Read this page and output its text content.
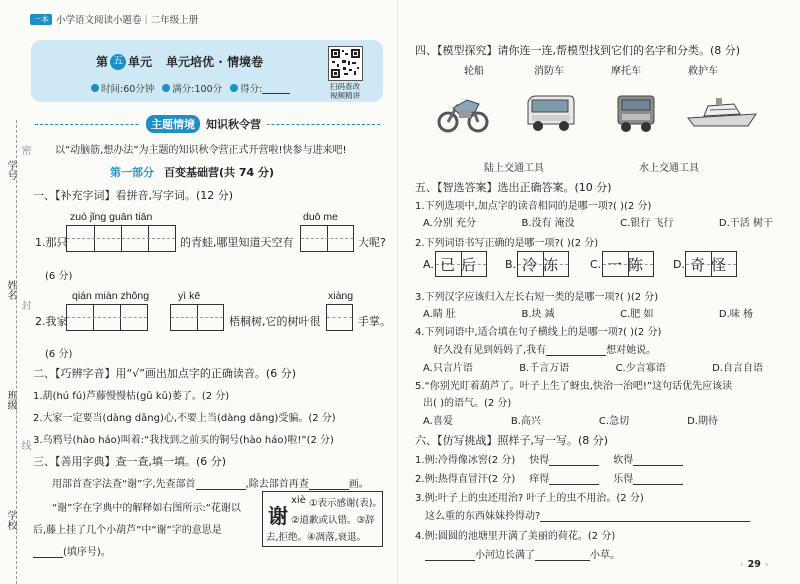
学号
密
姓名
封
班级
线
学校
一本 小学语文阅读小题卷 | 二年级上册
第 五 单元 单元培优 · 情境卷
时间:60分钟 满分:100分 得分:	扫码查改
视频精讲
主题情境	知识秋令营
以“动脑筋,想办法”为主题的知识秋令营正式开营啦!快参与进来吧!
第一部分 百变基础营(共 74 分)
一、【补充字词】看拼音,写字词。(12 分)
zuò jǐng guān tiān	duō me
1.那只	的青蛙,哪里知道天空有	大呢?
(6 分)
qián miàn zhǒng	yì kē	xiàng
2.我家	梧桐树,它的树叶很	手掌。
(6 分)
二、【巧辨字音】用“√”画出加点字的正确读音。(6 分)
1.葫(hú fú)芦藤慢慢枯(gū kū)萎了。(2 分)
2.大家一定要当(dàng dāng)心,不要上当(dàng dāng)受骗。(2 分)
3.乌鸦号(hào háo)叫着:“我找到之前买的铜号(hào háo)啦!”(2 分)
三、【善用字典】查一查,填一填。(6 分)
用部首查字法查“谢”字,先查部首	,除去部首再查	画。
“谢”字在字典中的解释如右图所示:“花谢以
后,藤上挂了几个小葫芦”中“谢”字的意思是
(填序号)。
谢
xiè ①表示感谢(表)。
②道歉或认错。③辞
去,拒绝。④凋落,衰退。
四、【模型探究】请你连一连,帮模型找到它们的名字和分类。(8 分)
轮船	消防车	摩托车	救护车
陆上交通工具	水上交通工具
五、【智选答案】选出正确答案。(10 分)
1.下列选项中,加点字的读音相同的是哪一项?( )(2 分)
A.分别 充分	B.没有 淹没	C.银行 飞行	D.干活 树干
2.下列词语书写正确的是哪一项?( )(2 分)
A. 已后 B. 冷冻 C. 一陈 D. 奇怪
3.下列汉字应该归入左长右短一类的是哪一项?( )(2 分)
A.睛 肚	B.块 减	C.肥 如	D.味 杨
4.下列词语中,适合填在句子横线上的是哪一项?( )(2 分)
好久没有见到妈妈了,我有	想对她说。
A.只言片语	B.千言万语	C.少言寡语	D.自言自语
5.“你别光盯着葫芦了。叶子上生了蚜虫,快治一治吧!”这句话优先应该读
出( )的语气。(2 分)
A.喜爱	B.高兴	C.急切	D.期待
六、【仿写挑战】照样子,写一写。(8 分)
1.例:冷得像冰窖(2 分) 快得	软得
2.例:热得直冒汗(2 分) 痒得	乐得
3.例:叶子上的虫还用治? 叶子上的虫不用治。(2 分)
这么重的东西妹妹拎得动?
4.例:圆圆的池塘里开满了美丽的荷花。(2 分)
小河边长满了	小草。
‹ 29 ›
